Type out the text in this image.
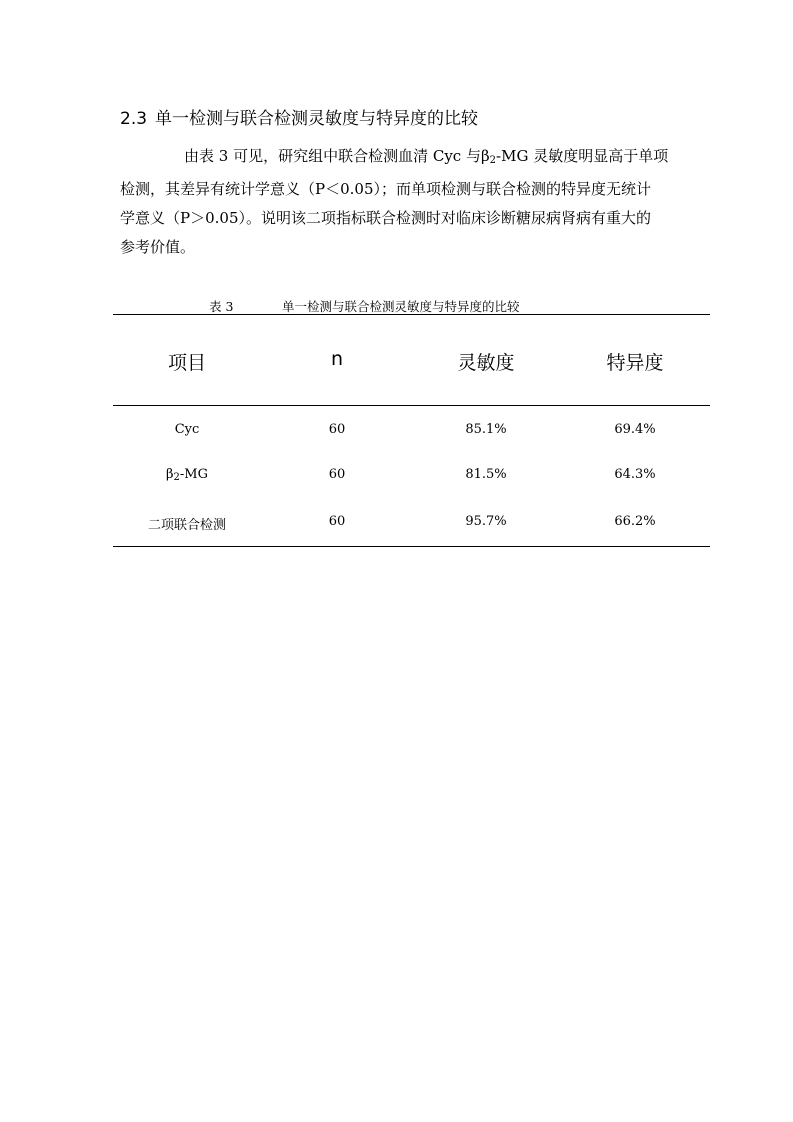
2.3 单一检测与联合检测灵敏度与特异度的比较
由表 3 可见，研究组中联合检测血清 Cyc 与$\beta_2-MG$ 灵敏度明显高于单项
检测，其差异有统计学意义（P＜0.05）；而单项检测与联合检测的特异度无统计
学意义（P＞0.05）。说明该二项指标联合检测时对临床诊断糖尿病肾病有重大的
参考价值。
表 3	单一检测与联合检测灵敏度与特异度的比较
项目	n	灵敏度	特异度
Cyc	60	85.1%	69.4%
$\beta_2-MG$	60	81.5%	64.3%
二项联合检测	60	95.7%	66.2%
